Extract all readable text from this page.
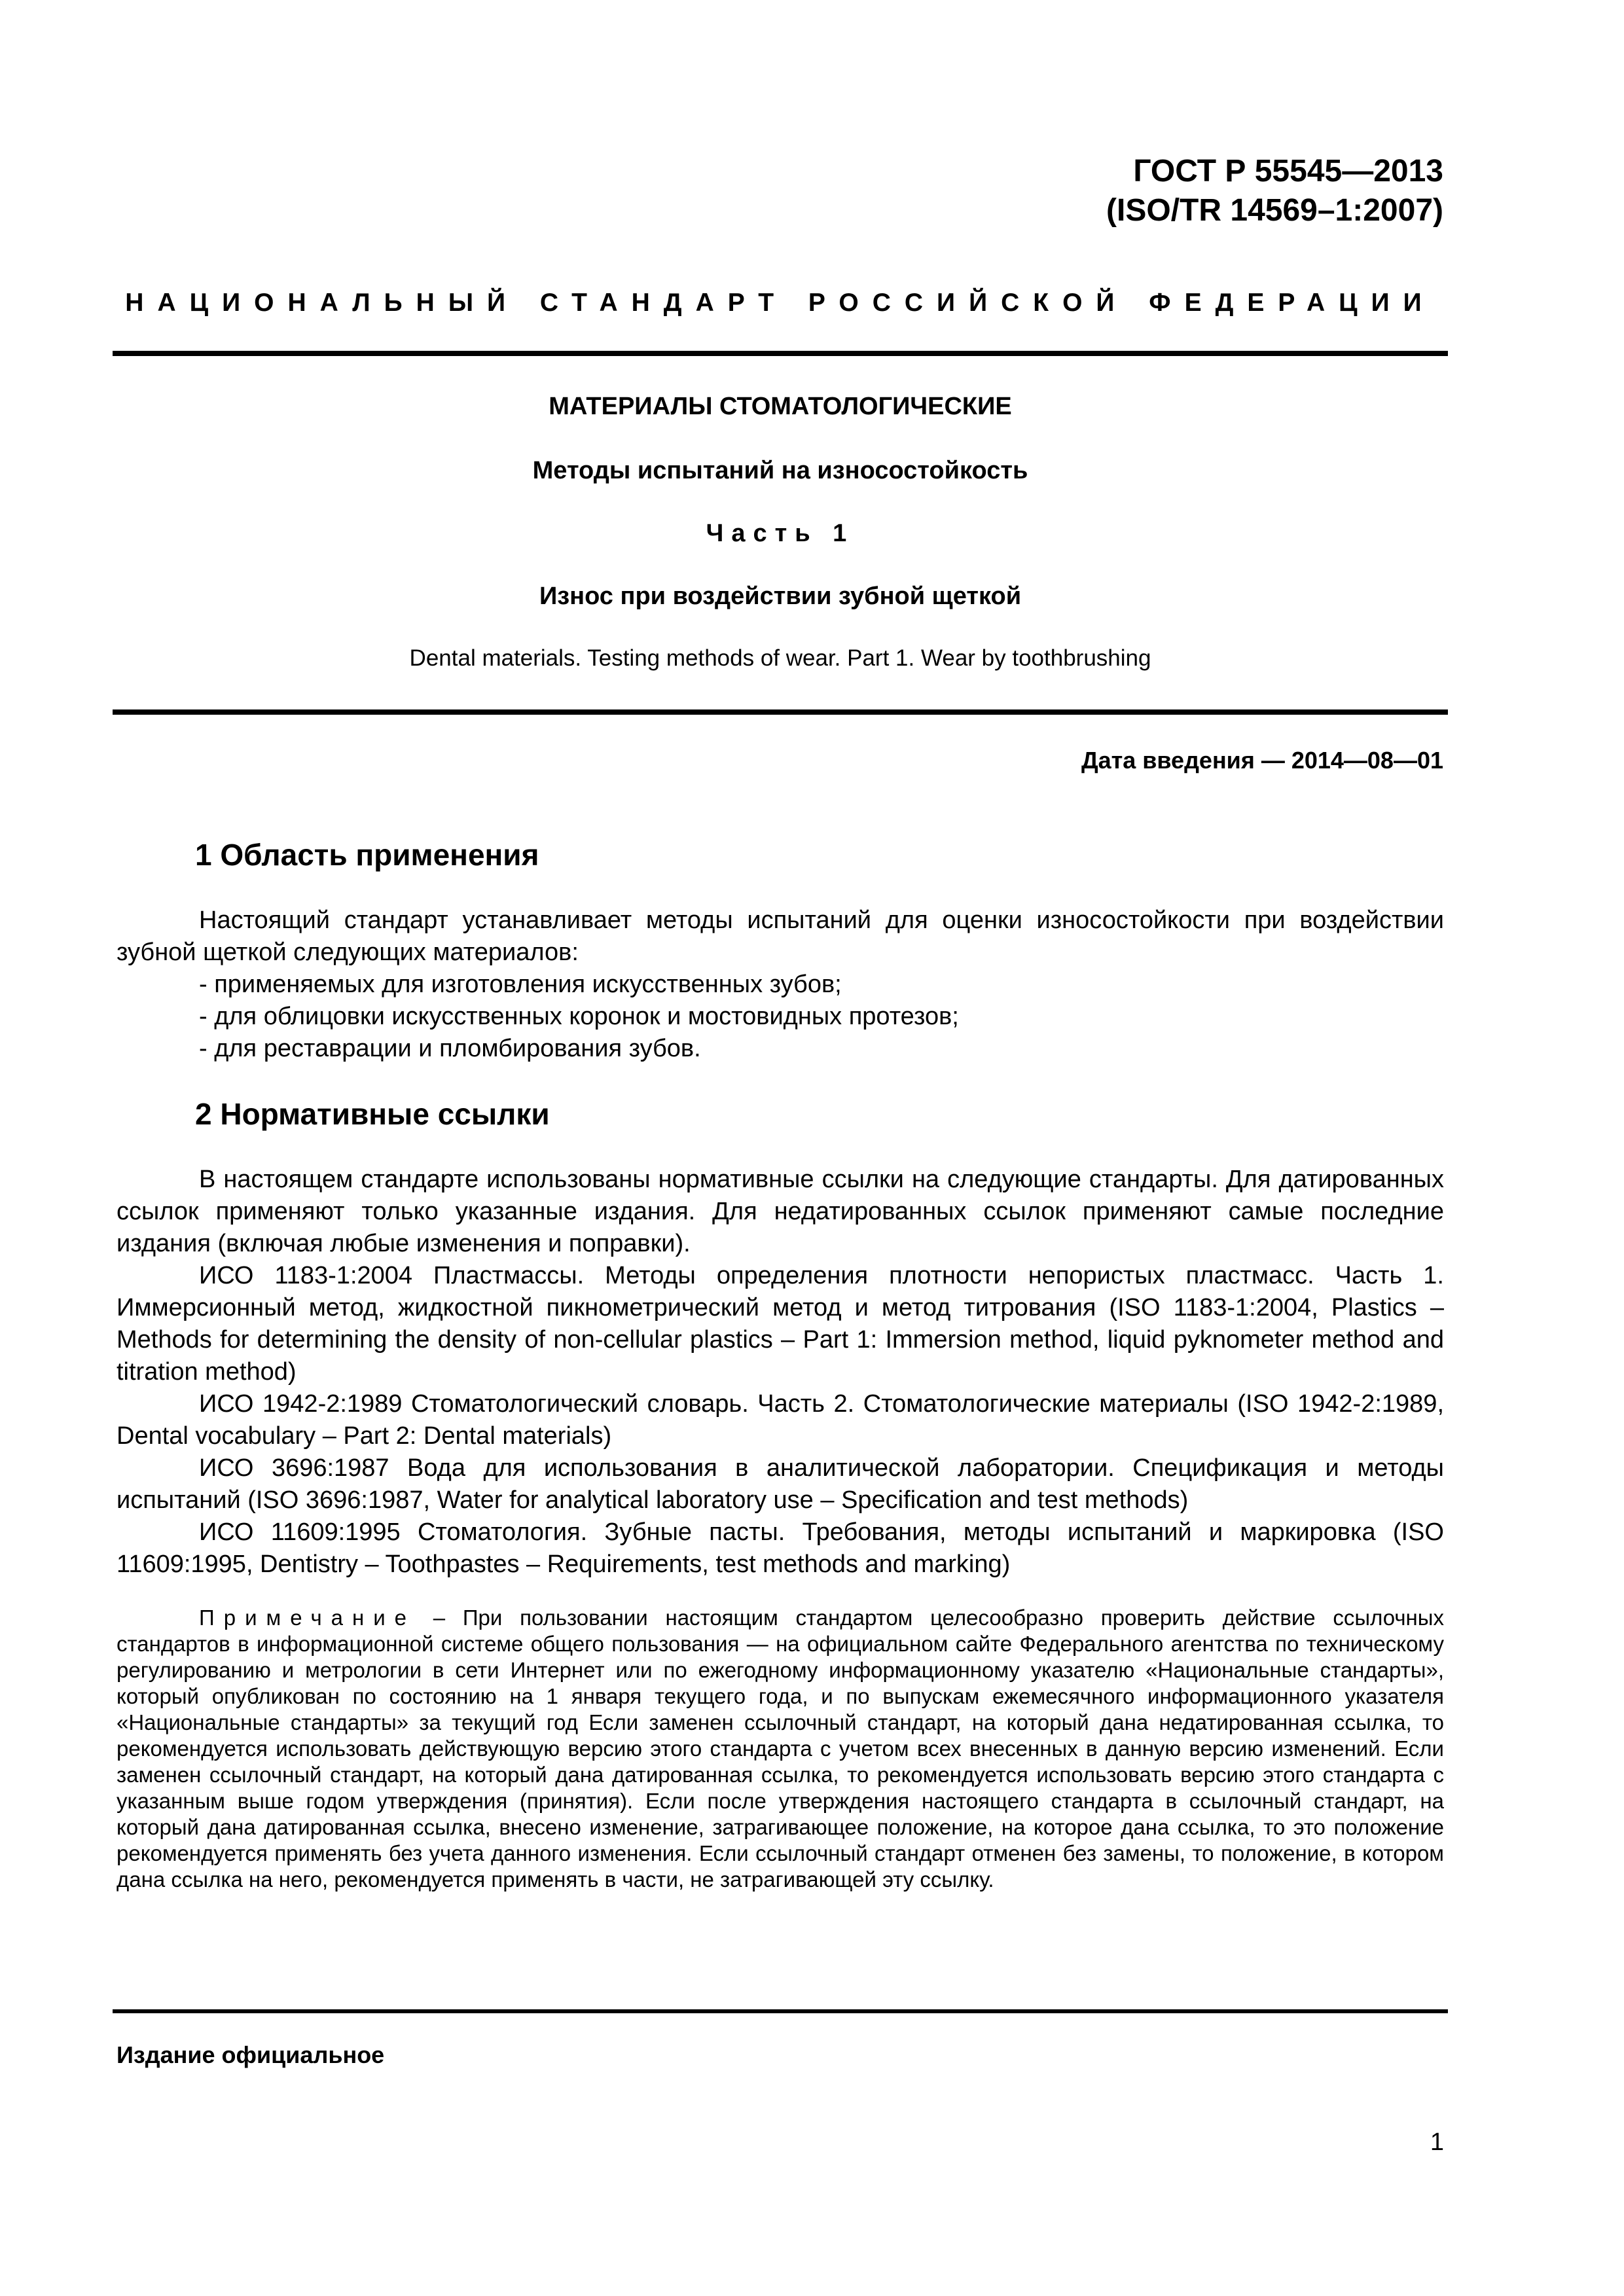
ГОСТ Р 55545—2013
(ISO/TR 14569–1:2007)
НАЦИОНАЛЬНЫЙ СТАНДАРТ РОССИЙСКОЙ ФЕДЕРАЦИИ
МАТЕРИАЛЫ СТОМАТОЛОГИЧЕСКИЕ
Методы испытаний на износостойкость
Часть 1
Износ при воздействии зубной щеткой
Dental materials. Testing methods of wear. Part 1. Wear by toothbrushing
Дата введения — 2014—08—01
1 Область применения

Настоящий стандарт устанавливает методы испытаний для оценки износостойкости при воздействии зубной щеткой следующих материалов:

- применяемых для изготовления искусственных зубов;

- для облицовки искусственных коронок и мостовидных протезов;

- для реставрации и пломбирования зубов.

2 Нормативные ссылки

В настоящем стандарте использованы нормативные ссылки на следующие стандарты. Для датированных ссылок применяют только указанные издания. Для недатированных ссылок применяют самые последние издания (включая любые изменения и поправки).

ИСО 1183-1:2004 Пластмассы. Методы определения плотности непористых пластмасс. Часть 1. Иммерсионный метод, жидкостной пикнометрический метод и метод титрования (ISO 1183-1:2004, Plastics – Methods for determining the density of non-cellular plastics – Part 1: Immersion method, liquid pyknometer method and titration method)

ИСО 1942-2:1989 Стоматологический словарь. Часть 2. Стоматологические материалы (ISO 1942-2:1989, Dental vocabulary – Part 2: Dental materials)

ИСО 3696:1987 Вода для использования в аналитической лаборатории. Спецификация и методы испытаний (ISO 3696:1987, Water for analytical laboratory use – Specification and test methods)

ИСО 11609:1995 Стоматология. Зубные пасты. Требования, методы испытаний и маркировка (ISO 11609:1995, Dentistry – Toothpastes – Requirements, test methods and marking)

Примечание – При пользовании настоящим стандартом целесообразно проверить действие ссылочных стандартов в информационной системе общего пользования — на официальном сайте Федерального агентства по техническому регулированию и метрологии в сети Интернет или по ежегодному информационному указателю «Национальные стандарты», который опубликован по состоянию на 1 января текущего года, и по выпускам ежемесячного информационного указателя «Национальные стандарты» за текущий год Если заменен ссылочный стандарт, на который дана недатированная ссылка, то рекомендуется использовать действующую версию этого стандарта с учетом всех внесенных в данную версию изменений. Если заменен ссылочный стандарт, на который дана датированная ссылка, то рекомендуется использовать версию этого стандарта с указанным выше годом утверждения (принятия). Если после утверждения настоящего стандарта в ссылочный стандарт, на который дана датированная ссылка, внесено изменение, затрагивающее положение, на которое дана ссылка, то это положение рекомендуется применять без учета данного изменения. Если ссылочный стандарт отменен без замены, то положение, в котором дана ссылка на него, рекомендуется применять в части, не затрагивающей эту ссылку.

Издание официальное
1
